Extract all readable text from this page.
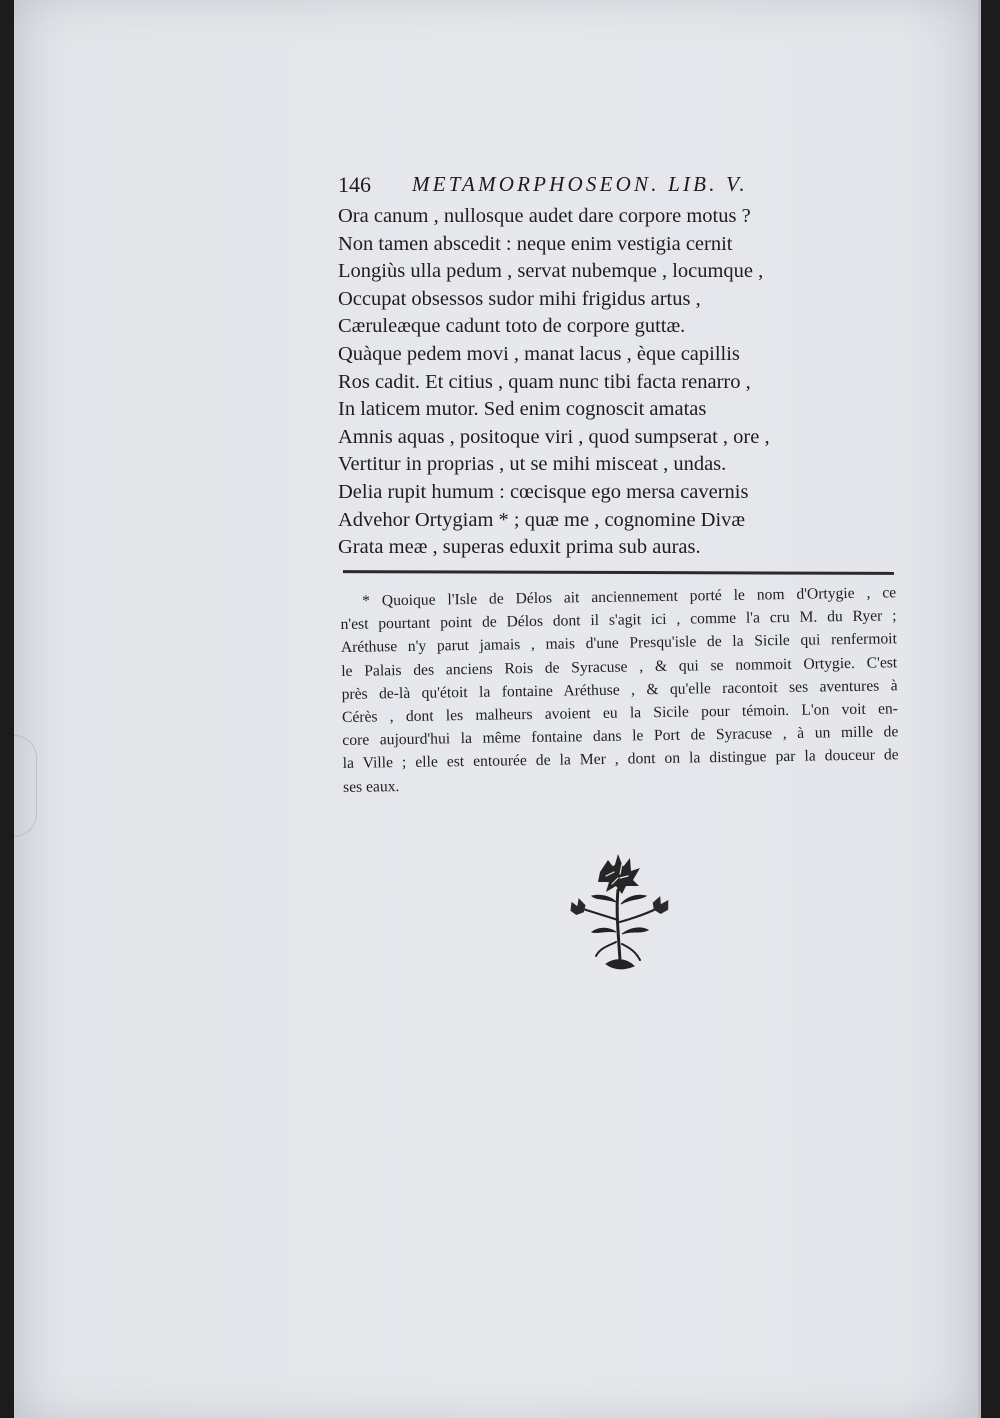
146 METAMORPHOSEON. LIB. V.
Ora canum , nullosque audet dare corpore motus ?
Non tamen abscedit : neque enim vestigia cernit
Longiùs ulla pedum , servat nubemque , locumque ,
Occupat obsessos sudor mihi frigidus artus ,
Cæruleæque cadunt toto de corpore guttæ.
Quàque pedem movi , manat lacus , èque capillis
Ros cadit. Et citius , quam nunc tibi facta renarro ,
In laticem mutor. Sed enim cognoscit amatas
Amnis aquas , positoque viri , quod sumpserat , ore ,
Vertitur in proprias , ut se mihi misceat , undas.
Delia rupit humum : cœcisque ego mersa cavernis
Advehor Ortygiam * ; quæ me , cognomine Divæ
Grata meæ , superas eduxit prima sub auras.
* Quoique l'Isle de Délos ait anciennement porté le nom d'Ortygie , ce
n'est pourtant point de Délos dont il s'agit ici , comme l'a cru M. du Ryer ;
Aréthuse n'y parut jamais , mais d'une Presqu'isle de la Sicile qui renfermoit
le Palais des anciens Rois de Syracuse , & qui se nommoit Ortygie. C'est
près de-là qu'étoit la fontaine Aréthuse , & qu'elle racontoit ses aventures à
Cérès , dont les malheurs avoient eu la Sicile pour témoin. L'on voit en-
core aujourd'hui la même fontaine dans le Port de Syracuse , à un mille de
la Ville ; elle est entourée de la Mer , dont on la distingue par la douceur de
ses eaux.
